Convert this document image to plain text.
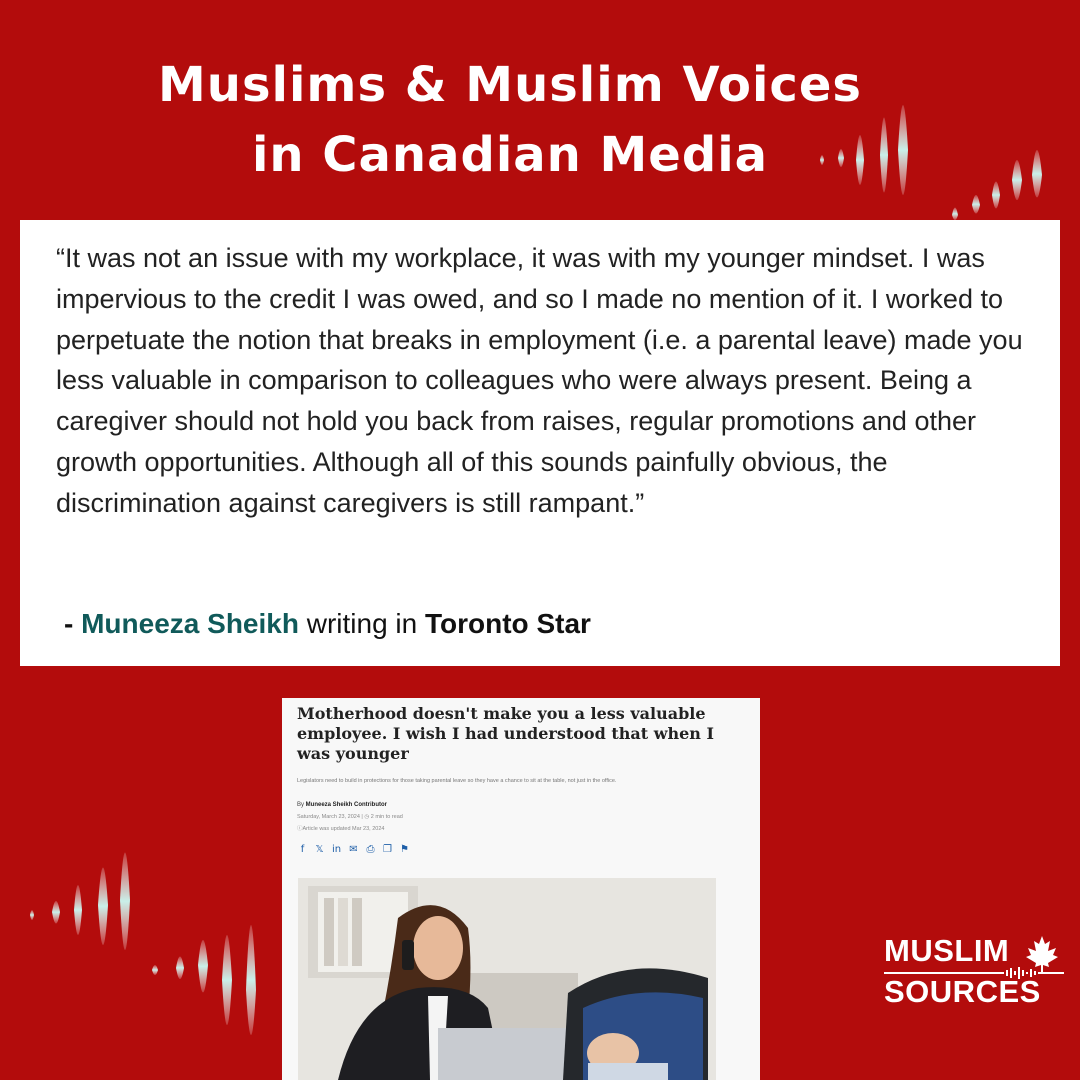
Muslims & Muslim Voices
in Canadian Media

“It was not an issue with my workplace, it was with my younger mindset. I was impervious to the credit I was owed, and so I made no mention of it. I worked to perpetuate the notion that breaks in employment (i.e. a parental leave) made you less valuable in comparison to colleagues who were always present. Being a caregiver should not hold you back from raises, regular promotions and other growth opportunities. Although all of this sounds painfully obvious, the discrimination against caregivers is still rampant.”

- Muneeza Sheikh writing in Toronto Star
Motherhood doesn't make you a less valuable employee. I wish I had understood that when I was younger

Legislators need to build in protections for those taking parental leave so they have a chance to sit at the table, not just in the office.

By Muneeza Sheikh Contributor
Saturday, March 23, 2024 | ◷ 2 min to read
ⓘArticle was updated Mar 23, 2024
f	𝕏 in ✉ ⎙ ❐ ⚑
MUSLIM
SOURCES
